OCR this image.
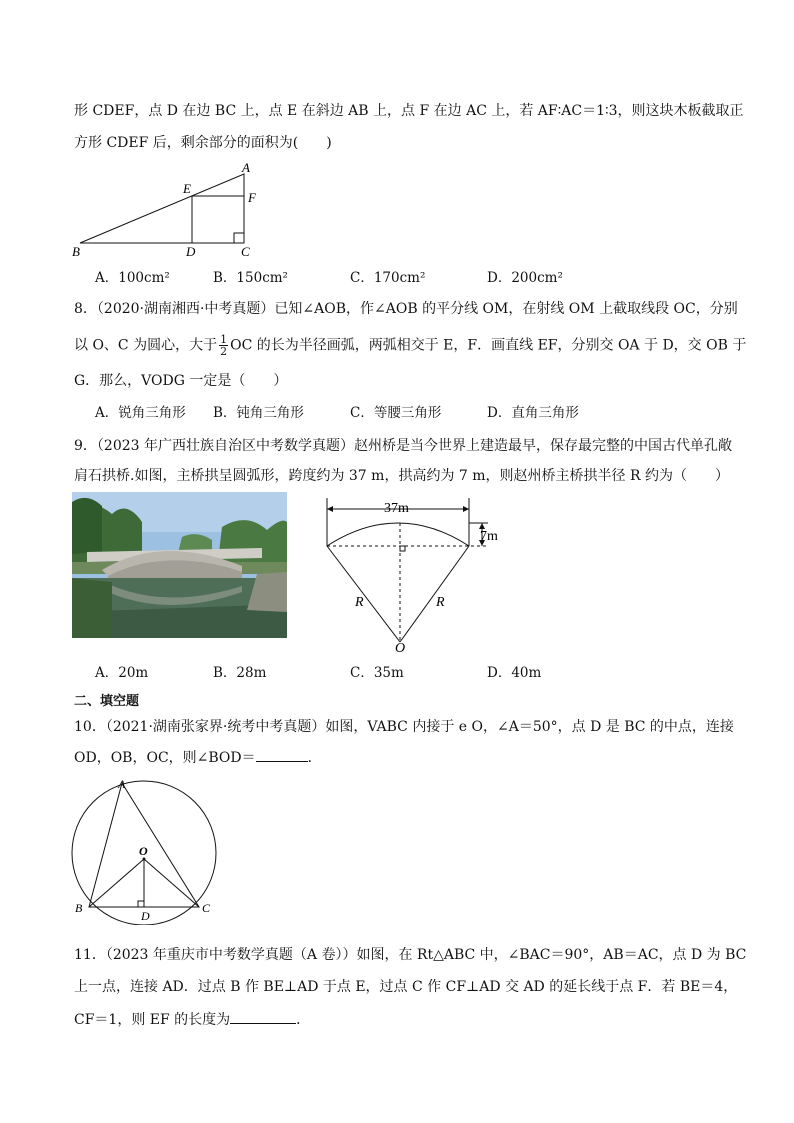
形 CDEF，点 D 在边 BC 上，点 E 在斜边 AB 上，点 F 在边 AC 上，若 AF∶AC＝1∶3，则这块木板截取正
方形 CDEF 后，剩余部分的面积为(　　)
A
B	C
D
E
F
A．100cm²	B．150cm²	C．170cm²	D．200cm²
8．（2020·湖南湘西·中考真题）已知∠AOB，作∠AOB 的平分线 OM，在射线 OM 上截取线段 OC，分别
以 O、C 为圆心，大于 $\frac{1}{2}$ OC 的长为半径画弧，两弧相交于 E，F．画直线 EF，分别交 OA 于 D，交 OB 于
G．那么，VODG 一定是（　　）
A．锐角三角形 B．钝角三角形	C．等腰三角形	D．直角三角形
9．（2023 年广西壮族自治区中考数学真题）赵州桥是当今世界上建造最早，保存最完整的中国古代单孔敞
肩石拱桥.如图，主桥拱呈圆弧形，跨度约为 37 m，拱高约为 7 m，则赵州桥主桥拱半径 R 约为（　　）
37m
7m
R	R
O
A．20m	B．28m	C．35m	D．40m
二、填空题
10．（2021·湖南张家界·统考中考真题）如图，VABC 内接于 e O，∠A＝50°，点 D 是 BC 的中点，连接
OD，OB，OC，则∠BOD＝	．
A
B	C
D
O
11．（2023 年重庆市中考数学真题（A 卷））如图，在 Rt△ABC 中，∠BAC＝90°，AB＝AC，点 D 为 BC
上一点，连接 AD．过点 B 作 BE⊥AD 于点 E，过点 C 作 CF⊥AD 交 AD 的延长线于点 F．若 BE＝4，
CF＝1，则 EF 的长度为	．
